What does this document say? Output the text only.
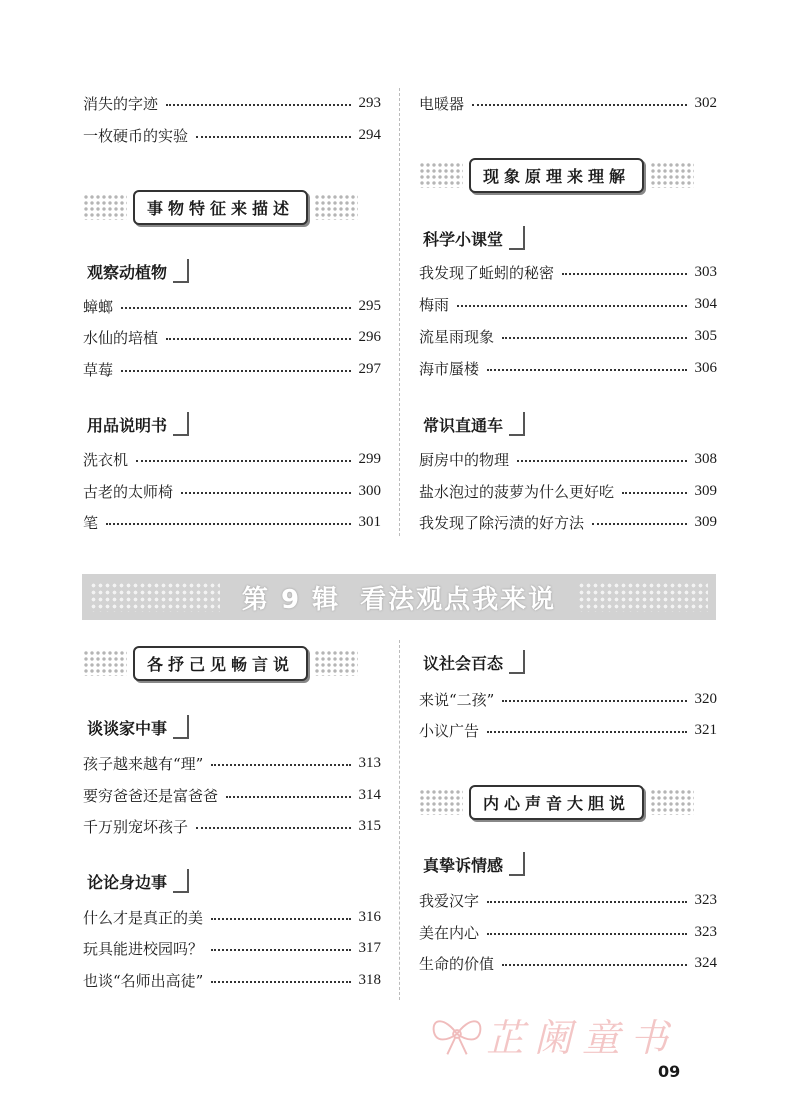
消失的字迹	293
一枚硬币的实验	294
事物特征来描述
观察动植物
蟑螂	295
水仙的培植	296
草莓	297
用品说明书
洗衣机	299
古老的太师椅	300
笔	301
电暖器	302
现象原理来理解
科学小课堂
我发现了蚯蚓的秘密	303
梅雨	304
流星雨现象	305
海市蜃楼	306
常识直通车
厨房中的物理	308
盐水泡过的菠萝为什么更好吃	309
我发现了除污渍的好方法	309
第 9 辑 看法观点我来说
各抒己见畅言说
谈谈家中事
孩子越来越有“理”	313
要穷爸爸还是富爸爸	314
千万别宠坏孩子	315
论论身边事
什么才是真正的美	316
玩具能进校园吗？	317
也谈“名师出高徒”	318
议社会百态
来说“二孩”	320
小议广告	321
内心声音大胆说
真挚诉情感
我爱汉字	323
美在内心	323
生命的价值	324
芷阑童书
09
